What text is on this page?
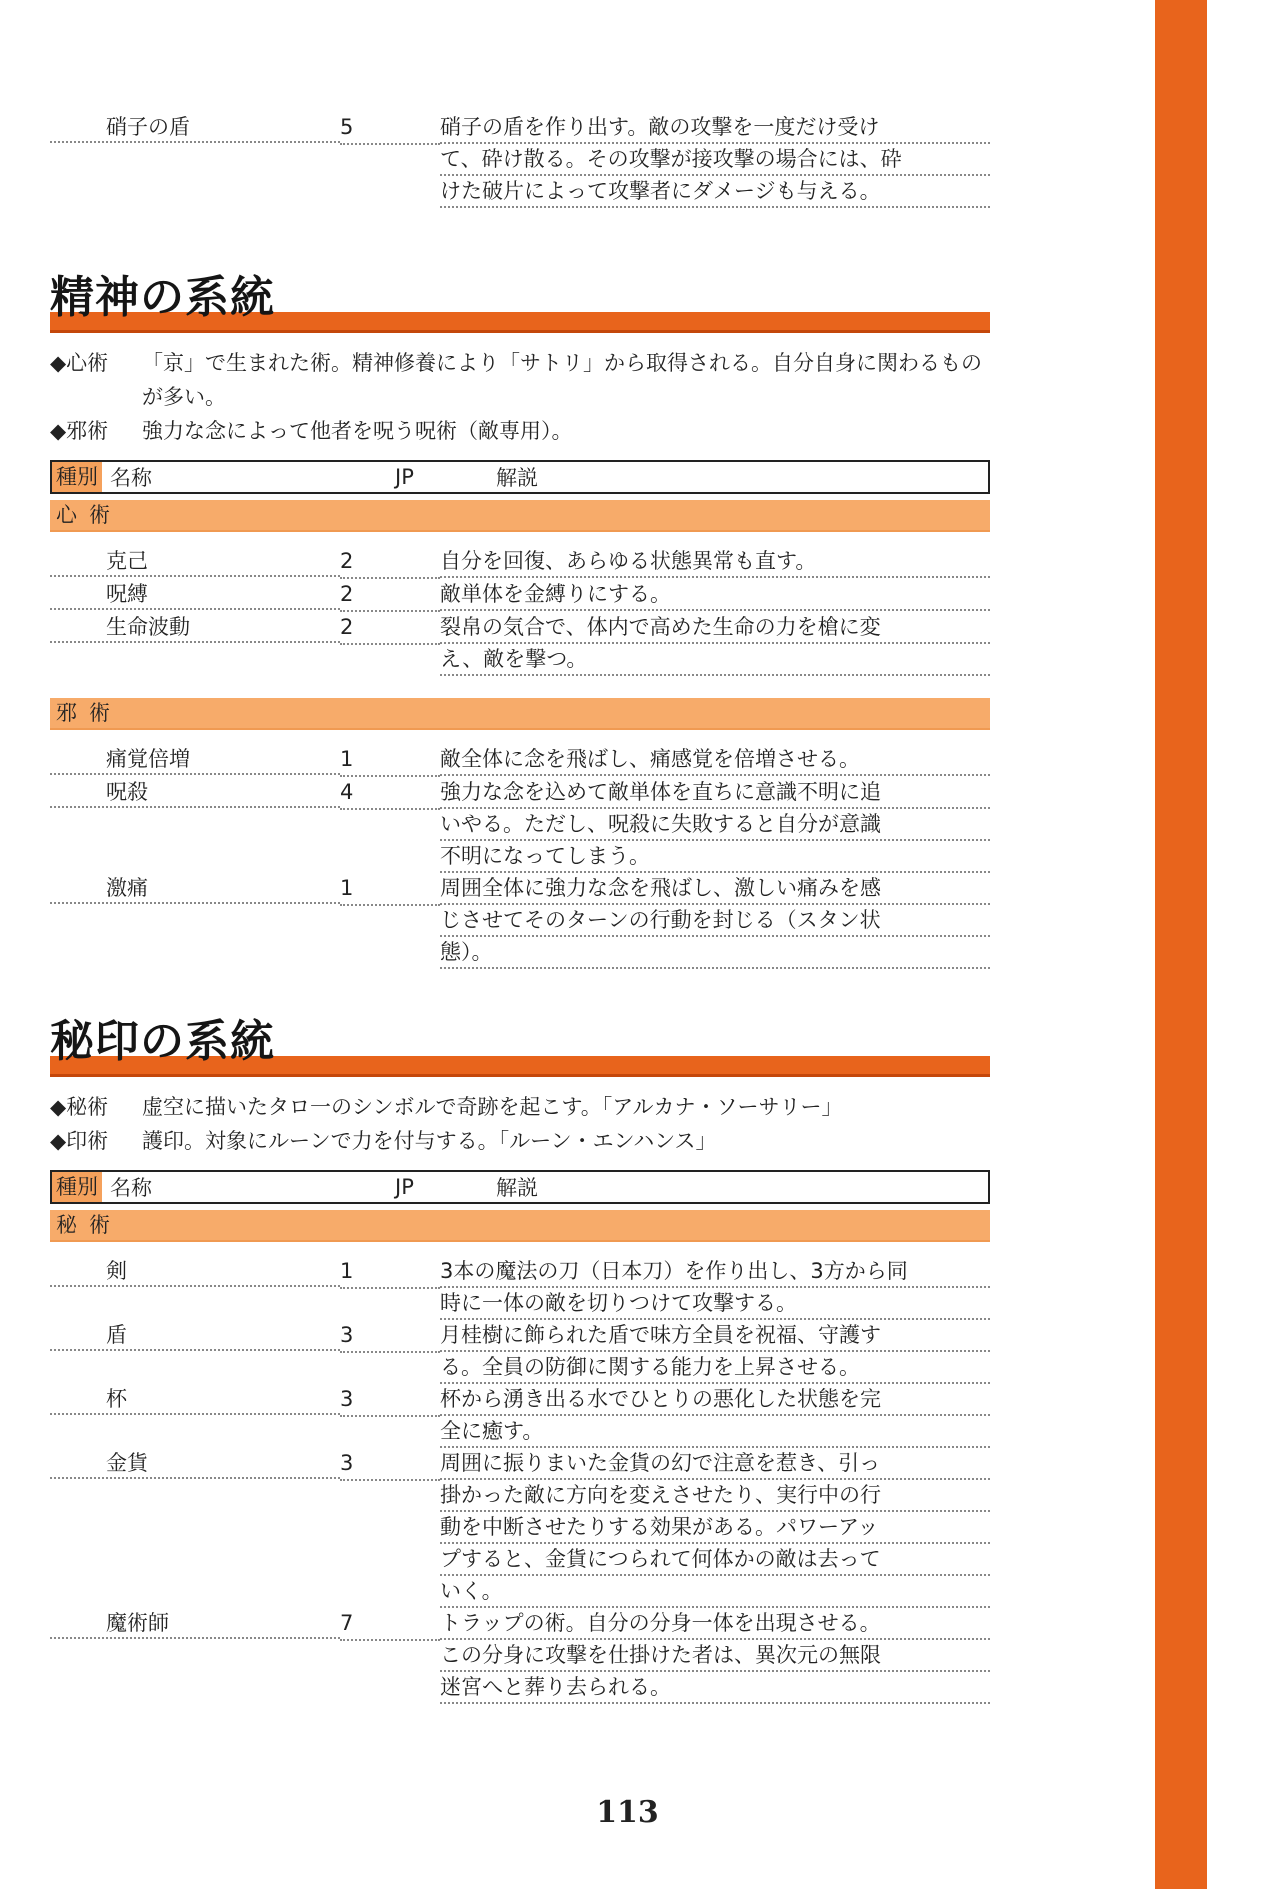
硝子の盾	5	硝子の盾を作り出す。敵の攻撃を一度だけ受け
て、砕け散る。その攻撃が接攻撃の場合には、砕
けた破片によって攻撃者にダメージも与える。
精神の系統
◆心術	「京」で生まれた術。精神修養により「サトリ」から取得される。自分自身に関わるものが多い。
◆邪術	強力な念によって他者を呪う呪術（敵専用）。
種別 名称	JP	解説
心術
克己	2	自分を回復、あらゆる状態異常も直す。
呪縛	2	敵単体を金縛りにする。
生命波動	2	裂帛の気合で、体内で高めた生命の力を槍に変
え、敵を撃つ。
邪術
痛覚倍増	1	敵全体に念を飛ばし、痛感覚を倍増させる。
呪殺	4	強力な念を込めて敵単体を直ちに意識不明に追
いやる。ただし、呪殺に失敗すると自分が意識
不明になってしまう。
激痛	1	周囲全体に強力な念を飛ばし、激しい痛みを感
じさせてそのターンの行動を封じる（スタン状
態）。
秘印の系統
◆秘術	虚空に描いたタロ一のシンボルで奇跡を起こす。「アルカナ・ソーサリー」
◆印術	護印。対象にルーンで力を付与する。「ルーン・エンハンス」
種別 名称	JP	解説
秘術
剣	1	3本の魔法の刀（日本刀）を作り出し、3方から同
時に一体の敵を切りつけて攻撃する。
盾	3	月桂樹に飾られた盾で味方全員を祝福、守護す
る。全員の防御に関する能力を上昇させる。
杯	3	杯から湧き出る水でひとりの悪化した状態を完
全に癒す。
金貨	3	周囲に振りまいた金貨の幻で注意を惹き、引っ
掛かった敵に方向を変えさせたり、実行中の行
動を中断させたりする効果がある。パワーアッ
プすると、金貨につられて何体かの敵は去って
いく。
魔術師	7	トラップの術。自分の分身一体を出現させる。
この分身に攻撃を仕掛けた者は、異次元の無限
迷宮へと葬り去られる。
113
